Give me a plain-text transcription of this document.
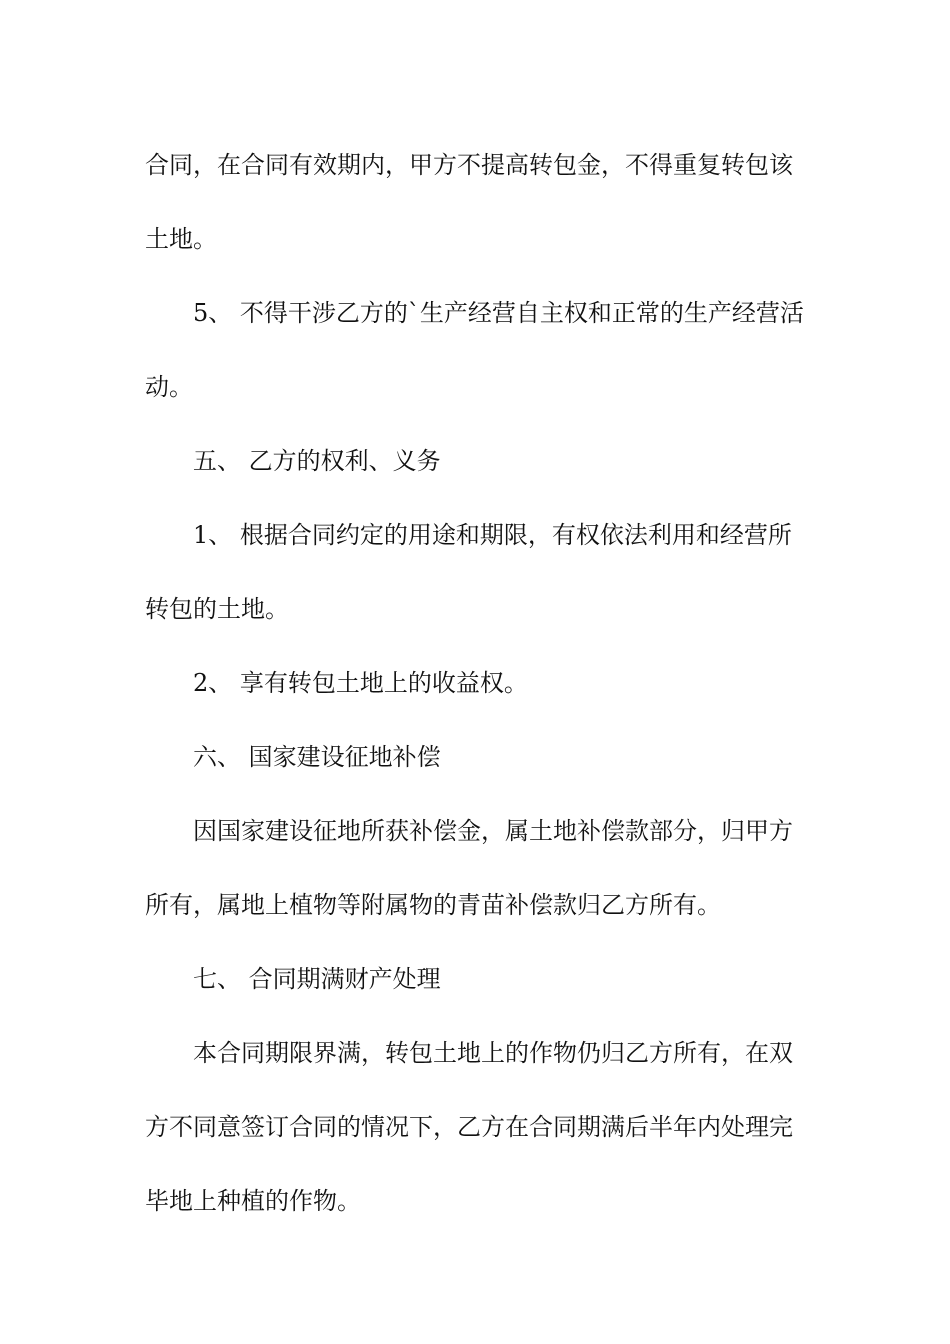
合同，在合同有效期内，甲方不提高转包金，不得重复转包该
土地。
5、 不得干涉乙方的`生产经营自主权和正常的生产经营活
动。
五、 乙方的权利、义务
1、 根据合同约定的用途和期限，有权依法利用和经营所
转包的土地。
2、 享有转包土地上的收益权。
六、 国家建设征地补偿
因国家建设征地所获补偿金，属土地补偿款部分，归甲方
所有，属地上植物等附属物的青苗补偿款归乙方所有。
七、 合同期满财产处理
本合同期限界满，转包土地上的作物仍归乙方所有，在双
方不同意签订合同的情况下，乙方在合同期满后半年内处理完
毕地上种植的作物。
